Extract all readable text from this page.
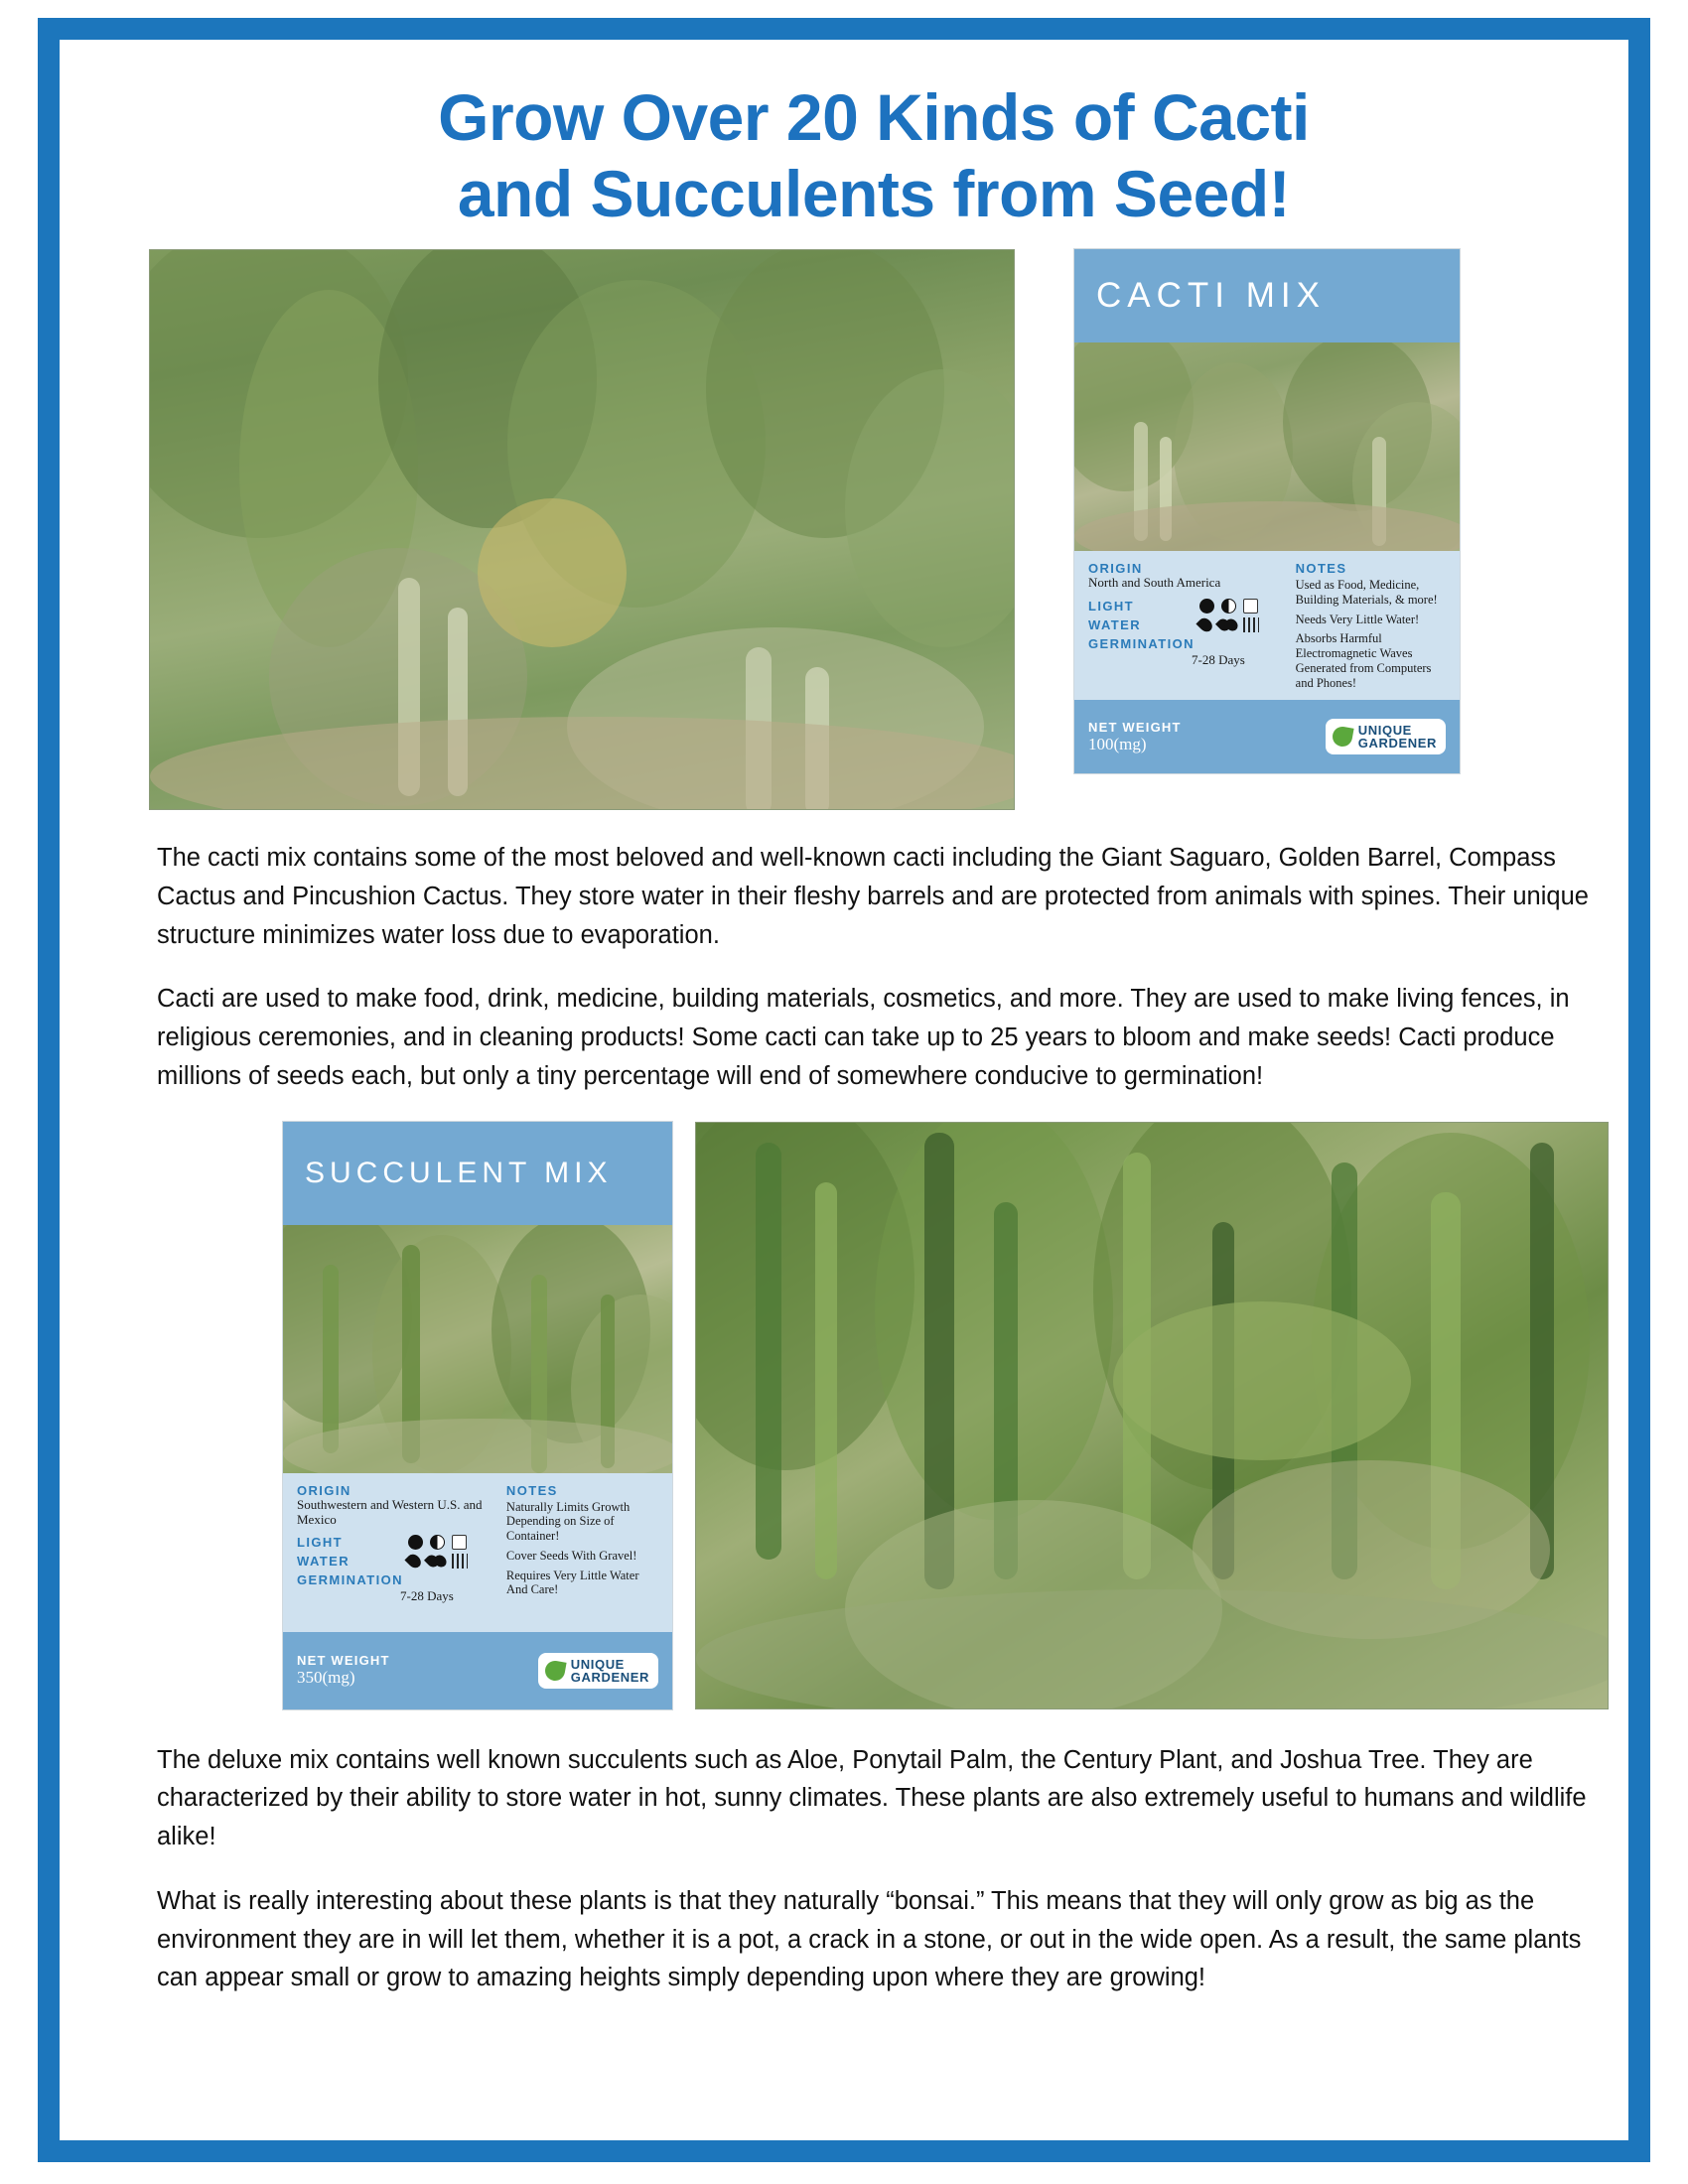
Grow Over 20 Kinds of Cacti
and Succulents from Seed!
CACTI MIX
ORIGIN
North and South America
LIGHT
WATER
GERMINATION
7-28 Days
NOTES
Used as Food, Medicine, Building Materials, & more!
Needs Very Little Water!
Absorbs Harmful Electromagnetic Waves Generated from Computers and Phones!
NET WEIGHT
100(mg)
UNIQUE
GARDENER

The cacti mix contains some of the most beloved and well-known cacti including the Giant Saguaro, Golden Barrel, Compass Cactus and Pincushion Cactus. They store water in their fleshy barrels and are protected from animals with spines. Their unique structure minimizes water loss due to evaporation.

Cacti are used to make food, drink, medicine, building materials, cosmetics, and more. They are used to make living fences, in religious ceremonies, and in cleaning products! Some cacti can take up to 25 years to bloom and make seeds! Cacti produce millions of seeds each, but only a tiny percentage will end of somewhere conducive to germination!

SUCCULENT MIX
ORIGIN
Southwestern and Western U.S. and Mexico
LIGHT
WATER
GERMINATION
7-28 Days
NOTES
Naturally Limits Growth Depending on Size of Container!
Cover Seeds With Gravel!
Requires Very Little Water And Care!
NET WEIGHT
350(mg)
UNIQUE
GARDENER

The deluxe mix contains well known succulents such as Aloe, Ponytail Palm, the Century Plant, and Joshua Tree. They are characterized by their ability to store water in hot, sunny climates. These plants are also extremely useful to humans and wildlife alike!

What is really interesting about these plants is that they naturally “bonsai.” This means that they will only grow as big as the environment they are in will let them, whether it is a pot, a crack in a stone, or out in the wide open. As a result, the same plants can appear small or grow to amazing heights simply depending upon where they are growing!
